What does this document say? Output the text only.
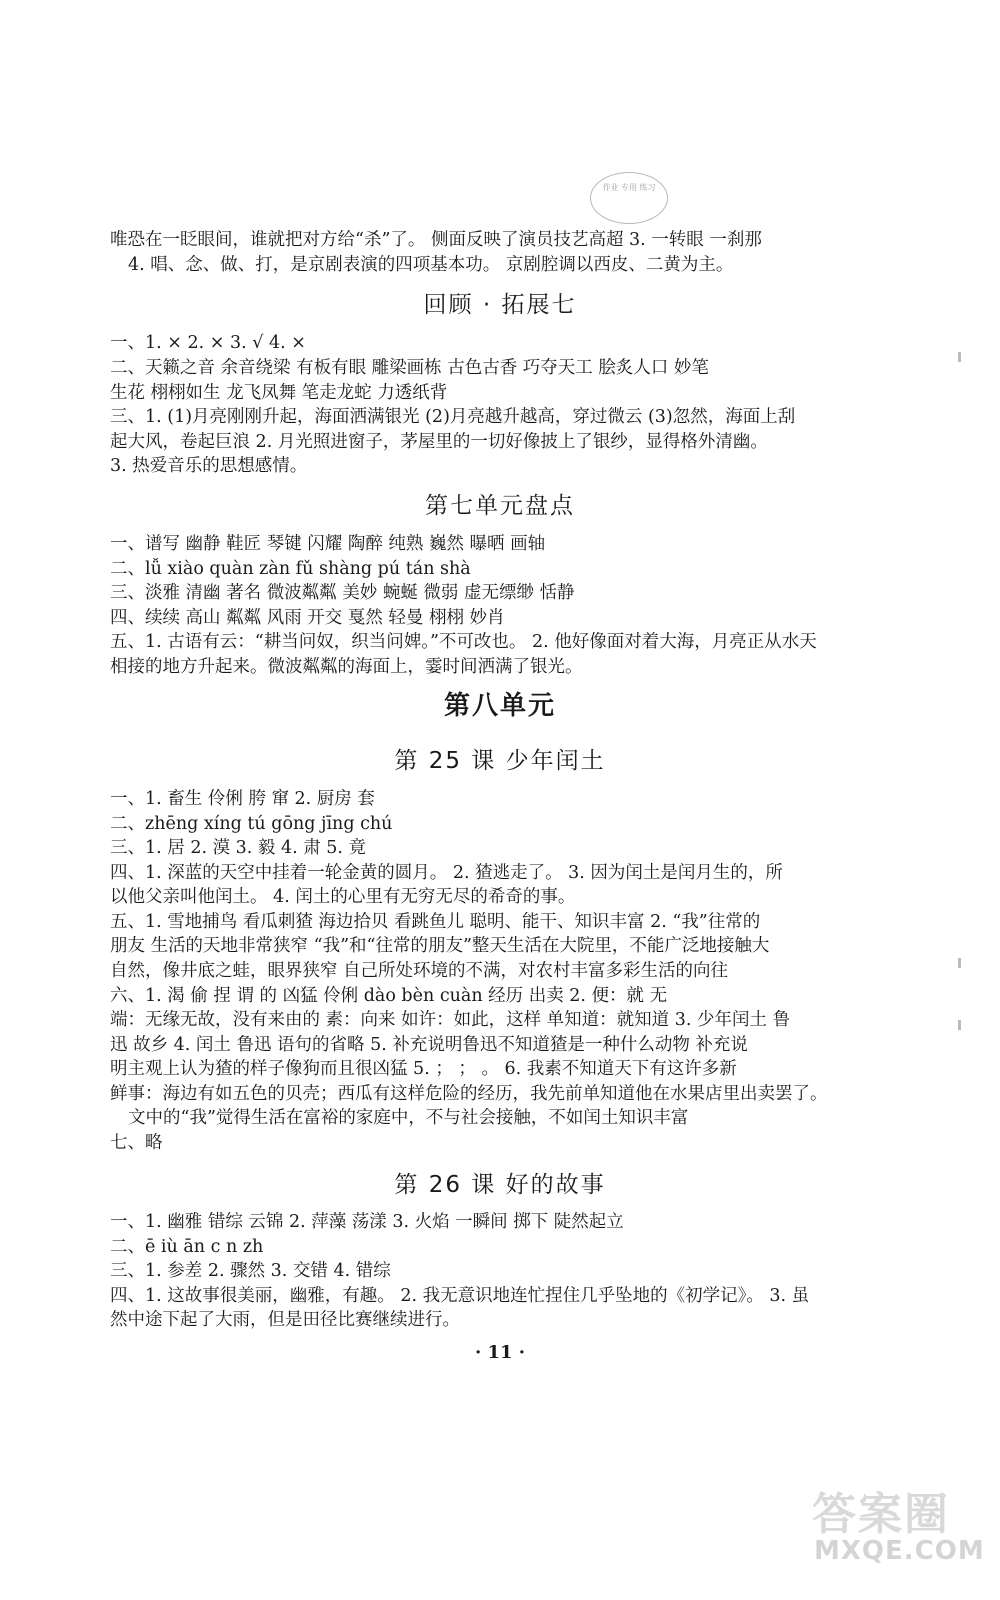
作业 专用 练习
唯恐在一眨眼间，谁就把对方给“杀”了。 侧面反映了演员技艺高超 3. 一转眼 一刹那
4. 唱、念、做、打，是京剧表演的四项基本功。 京剧腔调以西皮、二黄为主。
回顾 · 拓展七
一、1. × 2. × 3. √ 4. ×
二、天籁之音 余音绕梁 有板有眼 雕梁画栋 古色古香 巧夺天工 脍炙人口 妙笔
生花 栩栩如生 龙飞凤舞 笔走龙蛇 力透纸背
三、1. (1)月亮刚刚升起，海面洒满银光 (2)月亮越升越高，穿过微云 (3)忽然，海面上刮
起大风，卷起巨浪 2. 月光照进窗子，茅屋里的一切好像披上了银纱，显得格外清幽。
3. 热爱音乐的思想感情。
第七单元盘点
一、谱写 幽静 鞋匠 琴键 闪耀 陶醉 纯熟 巍然 曝晒 画轴
二、lǚ xiào quàn zàn fǔ shàng pú tán shà
三、淡雅 清幽 著名 微波粼粼 美妙 蜿蜒 微弱 虚无缥缈 恬静
四、续续 高山 粼粼 风雨 开交 戛然 轻曼 栩栩 妙肖
五、1. 古语有云：“耕当问奴，织当问婢。”不可改也。 2. 他好像面对着大海，月亮正从水天
相接的地方升起来。微波粼粼的海面上，霎时间洒满了银光。
第八单元
第 25 课 少年闰土
一、1. 畜生 伶俐 胯 窜 2. 厨房 套
二、zhēng xíng tú gōng jīng chú
三、1. 居 2. 漠 3. 毅 4. 肃 5. 竟
四、1. 深蓝的天空中挂着一轮金黄的圆月。 2. 猹逃走了。 3. 因为闰土是闰月生的，所
以他父亲叫他闰土。 4. 闰土的心里有无穷无尽的希奇的事。
五、1. 雪地捕鸟 看瓜刺猹 海边拾贝 看跳鱼儿 聪明、能干、知识丰富 2. “我”往常的
朋友 生活的天地非常狭窄 “我”和“往常的朋友”整天生活在大院里，不能广泛地接触大
自然，像井底之蛙，眼界狭窄 自己所处环境的不满，对农村丰富多彩生活的向往
六、1. 渴 偷 捏 谓 的 凶猛 伶俐 dào bèn cuàn 经历 出卖 2. 便：就 无
端：无缘无故，没有来由的 素：向来 如许：如此，这样 单知道：就知道 3. 少年闰土 鲁
迅 故乡 4. 闰土 鲁迅 语句的省略 5. 补充说明鲁迅不知道猹是一种什么动物 补充说
明主观上认为猹的样子像狗而且很凶猛 5. ； ； 。 6. 我素不知道天下有这许多新
鲜事：海边有如五色的贝壳；西瓜有这样危险的经历，我先前单知道他在水果店里出卖罢了。
文中的“我”觉得生活在富裕的家庭中，不与社会接触，不如闰土知识丰富
七、略
第 26 课 好的故事
一、1. 幽雅 错综 云锦 2. 萍藻 荡漾 3. 火焰 一瞬间 掷下 陡然起立
二、ē iù ān c n zh
三、1. 参差 2. 骤然 3. 交错 4. 错综
四、1. 这故事很美丽，幽雅，有趣。 2. 我无意识地连忙捏住几乎坠地的《初学记》。 3. 虽
然中途下起了大雨，但是田径比赛继续进行。
· 11 ·
答案圈
MXQE.COM
